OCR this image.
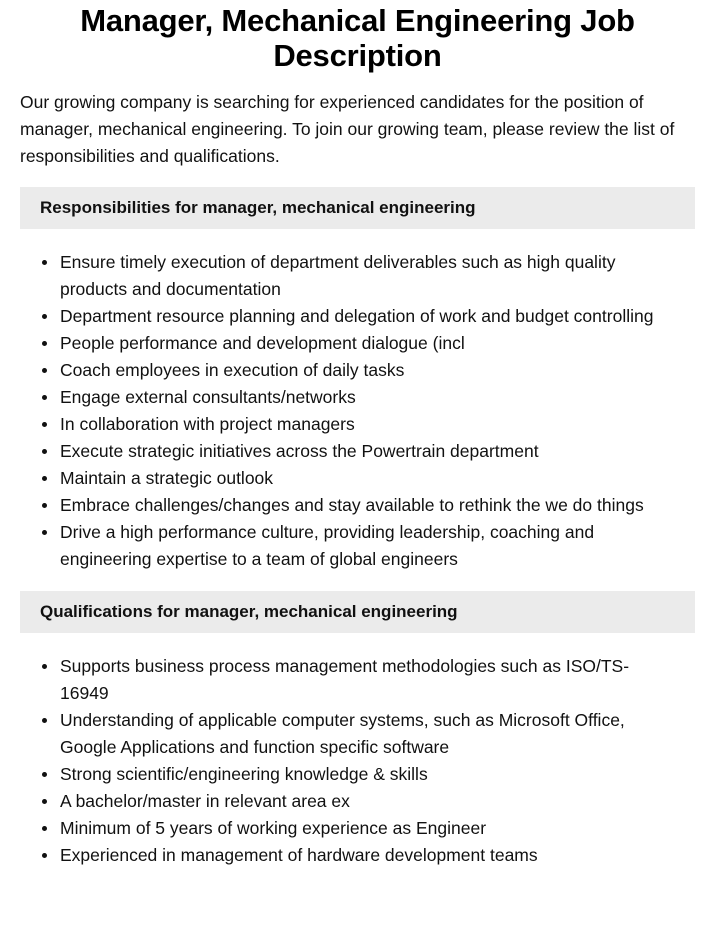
Manager, Mechanical Engineering Job Description

Our growing company is searching for experienced candidates for the position of manager, mechanical engineering. To join our growing team, please review the list of responsibilities and qualifications.

Responsibilities for manager, mechanical engineering
Ensure timely execution of department deliverables such as high quality products and documentation
Department resource planning and delegation of work and budget controlling
People performance and development dialogue (incl
Coach employees in execution of daily tasks
Engage external consultants/networks
In collaboration with project managers
Execute strategic initiatives across the Powertrain department
Maintain a strategic outlook
Embrace challenges/changes and stay available to rethink the we do things
Drive a high performance culture, providing leadership, coaching and engineering expertise to a team of global engineers
Qualifications for manager, mechanical engineering
Supports business process management methodologies such as ISO/TS-16949
Understanding of applicable computer systems, such as Microsoft Office, Google Applications and function specific software
Strong scientific/engineering knowledge & skills
A bachelor/master in relevant area ex
Minimum of 5 years of working experience as Engineer
Experienced in management of hardware development teams
